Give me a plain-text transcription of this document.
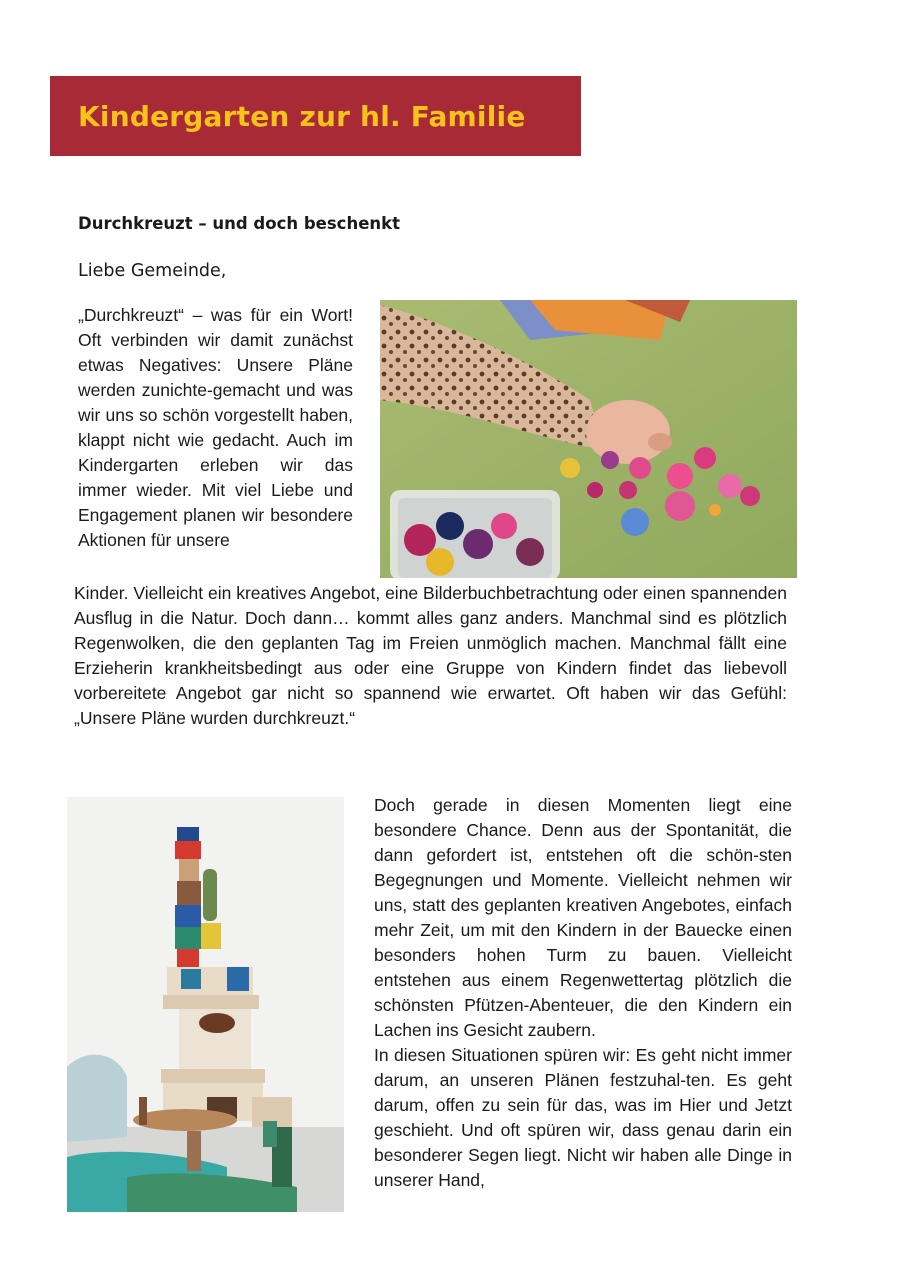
Kindergarten zur hl. Familie
Durchkreuzt – und doch beschenkt
Liebe Gemeinde,

„Durchkreuzt“ – was für ein Wort! Oft verbinden wir damit zunächst etwas Negatives: Unsere Pläne werden zunichte-gemacht und was wir uns so schön vorgestellt haben, klappt nicht wie gedacht. Auch im Kindergarten erleben wir das immer wieder. Mit viel Liebe und Engagement planen wir besondere Aktionen für unsere

Kinder. Vielleicht ein kreatives Angebot, eine Bilderbuchbetrachtung oder einen spannenden Ausflug in die Natur. Doch dann… kommt alles ganz anders. Manchmal sind es plötzlich Regenwolken, die den geplanten Tag im Freien unmöglich machen. Manchmal fällt eine Erzieherin krankheitsbedingt aus oder eine Gruppe von Kindern findet das liebevoll vorbereitete Angebot gar nicht so spannend wie erwartet. Oft haben wir das Gefühl: „Unsere Pläne wurden durchkreuzt.“

Doch gerade in diesen Momenten liegt eine besondere Chance. Denn aus der Spontanität, die dann gefordert ist, entstehen oft die schön-sten Begegnungen und Momente. Vielleicht nehmen wir uns, statt des geplanten kreativen Angebotes, einfach mehr Zeit, um mit den Kindern in der Bauecke einen besonders hohen Turm zu bauen. Vielleicht entstehen aus einem Regenwettertag plötzlich die schönsten Pfützen-Abenteuer, die den Kindern ein Lachen ins Gesicht zaubern.
In diesen Situationen spüren wir: Es geht nicht immer darum, an unseren Plänen festzuhal-ten. Es geht darum, offen zu sein für das, was im Hier und Jetzt geschieht. Und oft spüren wir, dass genau darin ein besonderer Segen liegt. Nicht wir haben alle Dinge in unserer Hand,
